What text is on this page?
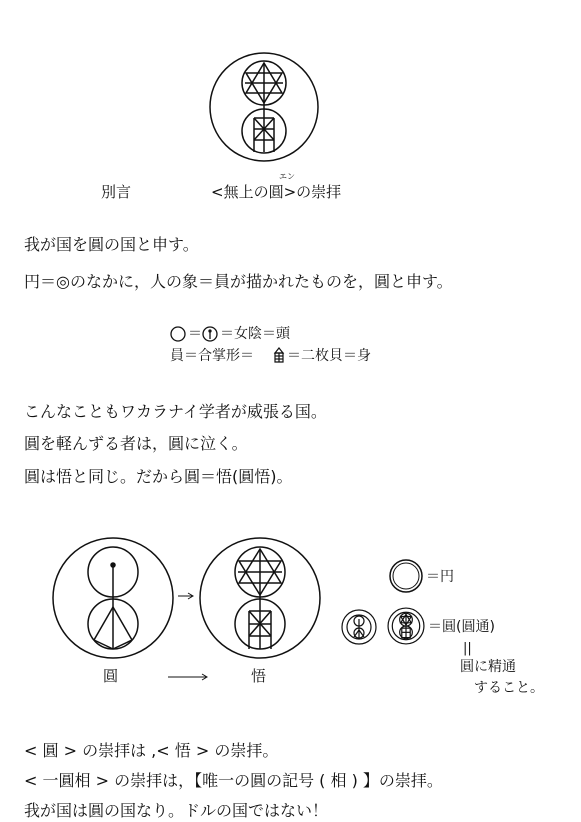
別言	<無上の圓>の崇拝
エン
我が国を圓の国と申す。
円＝◎のなかに，人の象＝員が描かれたものを，圓と申す。
＝ ＝女陰＝頭
員＝合掌形＝ ＝二枚貝＝身
こんなこともワカラナイ学者が威張る国。
圓を軽んずる者は，圓に泣く。
圓は悟と同じ。だから圓＝悟(圓悟)。
圓	悟
＝円
＝圓(圓通)
||
圓に精通
すること。
< 圓 > の崇拝は ,< 悟 > の崇拝。
< 一圓相 > の崇拝は，【唯一の圓の記号 ( 相 ) 】の崇拝。
我が国は圓の国なり。ドルの国ではない！
